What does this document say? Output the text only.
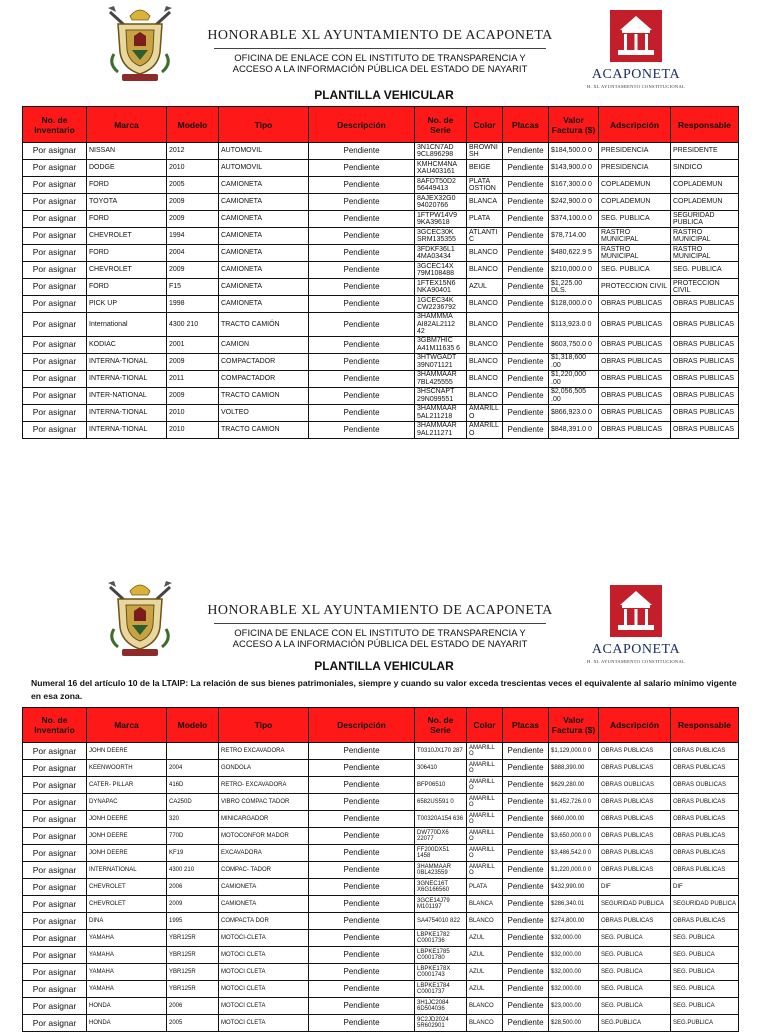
HONORABLE XL AYUNTAMIENTO DE ACAPONETA
OFICINA DE ENLACE CON EL INSTITUTO DE TRANSPARENCIA Y
ACCESO A LA INFORMACIÓN PÚBLICA DEL ESTADO DE NAYARIT	ACAPONETA
H. XL AYUNTAMIENTO CONSTITUCIONAL
PLANTILLA VEHICULAR
No. de Inventario	Marca	Modelo	Tipo	Descripción	No. de Serie	Color	Placas	Valor Factura ($)	Adscripción	Responsable
Por asignar	NISSAN	2012	AUTOMOVIL	Pendiente	3N1CN7AD 9CL896298	BROWNI SH	Pendiente	$184,500.0 0	PRESIDENCIA	PRESIDENTE
Por asignar	DODGE	2010	AUTOMOVIL	Pendiente	KMHCM4NA XAU403161	BEIGE	Pendiente	$143,900.0 0	PRESIDENCIA	SINDICO
Por asignar	FORD	2005	CAMIONETA	Pendiente	8AFDT50D2 56449413	PLATA OSTION	Pendiente	$167,300.0 0	COPLADEMUN	COPLADEMUN
Por asignar	TOYOTA	2009	CAMIONETA	Pendiente	8AJEX32G0 94020766	BLANCA	Pendiente	$242,900.0 0	COPLADEMUN	COPLADEMUN
Por asignar	FORD	2009	CAMIONETA	Pendiente	1FTPW14V9 9KA39618	PLATA	Pendiente	$374,100.0 0	SEG. PUBLICA	SEGURIDAD PUBLICA
Por asignar	CHEVROLET	1994	CAMIONETA	Pendiente	3GCEC30K SRM135355	ATLANTI C	Pendiente	$78,714.00	RASTRO MUNICIPAL	RASTRO MUNICIPAL
Por asignar	FORD	2004	CAMIONETA	Pendiente	3FDKF36L1 4MA03434	BLANCO	Pendiente	$480,622.9 5	RASTRO MUNICIPAL	RASTRO MUNICIPAL
Por asignar	CHEVROLET	2009	CAMIONETA	Pendiente	3GCEC14X 79M108488	BLANCO	Pendiente	$210,000.0 0	SEG. PUBLICA	SEG. PUBLICA
Por asignar	FORD	F15	CAMIONETA	Pendiente	1FTEX15N6 NKA90401	AZUL	Pendiente	$1,225.00 DLS.	PROTECCION CIVIL	PROTECCION CIVIL
Por asignar	PICK UP	1998	CAMIONETA	Pendiente	1GCEC34K CW2236792	BLANCO	Pendiente	$128,000.0 0	OBRAS PUBLICAS	OBRAS PUBLICAS
Por asignar	International	4300 210	TRACTO CAMIÓN	Pendiente	3HAMMMA AI82AL2112 42	BLANCO	Pendiente	$113,923.0 0	OBRAS PUBLICAS	OBRAS PUBLICAS
Por asignar	KODIAC	2001	CAMION	Pendiente	3GBM7HIC A41M11635 6	BLANCO	Pendiente	$603,750.0 0	OBRAS PUBLICAS	OBRAS PUBLICAS
Por asignar	INTERNA-TIONAL	2009	COMPACTADOR	Pendiente	3HTWGADT 39N071121	BLANCO	Pendiente	$1,318,600 .00	OBRAS PUBLICAS	OBRAS PUBLICAS
Por asignar	INTERNA-TIONAL	2011	COMPACTADOR	Pendiente	3HAMMAAR 7BL425555	BLANCO	Pendiente	$1,220,000 .00	OBRAS PUBLICAS	OBRAS PUBLICAS
Por asignar	INTER-NATIONAL	2009	TRACTO CAMION	Pendiente	3HSCNAPT 29N099551	BLANCO	Pendiente	$2,056,505 .00	OBRAS PUBLICAS	OBRAS PUBLICAS
Por asignar	INTERNA-TIONAL	2010	VOLTEO	Pendiente	3HAMMAAR 5AL211218	AMARILL O	Pendiente	$866,923.0 0	OBRAS PUBLICAS	OBRAS PUBLICAS
Por asignar	INTERNA-TIONAL	2010	TRACTO CAMION	Pendiente	3HAMMAAR 9AL211271	AMARILL O	Pendiente	$848,391.0 0	OBRAS PUBLICAS	OBRAS PUBLICAS
HONORABLE XL AYUNTAMIENTO DE ACAPONETA
OFICINA DE ENLACE CON EL INSTITUTO DE TRANSPARENCIA Y
ACCESO A LA INFORMACIÓN PÚBLICA DEL ESTADO DE NAYARIT	ACAPONETA
H. XL AYUNTAMIENTO CONSTITUCIONAL
PLANTILLA VEHICULAR
Numeral 16 del artículo 10 de la LTAIP: La relación de sus bienes patrimoniales, siempre y cuando su valor exceda trescientas veces el equivalente al salario mínimo vigente en esa zona.
No. de Inventario	Marca	Modelo	Tipo	Descripción	No. de Serie	Color	Placas	Valor Factura ($)	Adscripción	Responsable
Por asignar	JOHN DEERE		RETRO EXCAVADORA	Pendiente	T0310JX170 287	AMARILL O	Pendiente	$1,129,000.0 0	OBRAS PUBLICAS	OBRAS PUBLICAS
Por asignar	KEENWOORTH	2004	GONDOLA	Pendiente	306410	AMARILL O	Pendiente	$888,390.00	OBRAS PUBLICAS	OBRAS PUBLICAS
Por asignar	CATER- PILLAR	416D	RETRO- EXCAVADORA	Pendiente	BFP06510	AMARILL O	Pendiente	$629,280.00	OBRAS OUBLICAS	OBRAS OUBLICAS
Por asignar	DYNAPAC	CA250D	VIBRO COMPAC TADOR	Pendiente	6582US591 0	AMARILL O	Pendiente	$1,452,726.0 0	OBRAS PUBLICAS	OBRAS PUBLICAS
Por asignar	JONH DEERE	320	MINICARGADOR	Pendiente	T00320A154 636	AMARILL O	Pendiente	$660,000.00	OBRAS PUBLICAS	OBRAS PUBLICAS
Por asignar	JONH DEERE	770D	MOTOCONFOR MADOR	Pendiente	DW770DX6 22077	AMARILL O	Pendiente	$3,650,000.0 0	OBRAS PUBLICAS	OBRAS PUBLICAS
Por asignar	JONH DEERE	KF19	EXCAVADORA	Pendiente	FF200DX51 1458	AMARILL O	Pendiente	$3,486,542.0 0	OBRAS PUBLICAS	OBRAS PUBLICAS
Por asignar	INTERNATIONAL	4300 210	COMPAC- TADOR	Pendiente	3HAMMAAR 0BL423559	AMARILL O	Pendiente	$1,220,000.0 0	OBRAS PUBLICAS	OBRAS PUBLICAS
Por asignar	CHEVROLET	2006	CAMIONETA	Pendiente	3GNEC16T X6G166560	PLATA	Pendiente	$432,990.00	DIF	DIF
Por asignar	CHEVROLET	2009	CAMIONETA	Pendiente	3GCE14J79 M101197	BLANCA	Pendiente	$286,340.01	SEGURIDAD PUBLICA	SEGURIDAD PUBLICA
Por asignar	DINA	1995	COMPACTA DOR	Pendiente	SA4754010 822	BLANCO	Pendiente	$274,800.00	OBRAS PUBLICAS	OBRAS PUBLICAS
Por asignar	YAMAHA	YBR125R	MOTOCI-CLETA	Pendiente	LBPKE1782 C0001736	AZUL	Pendiente	$32,000.00	SEG. PUBLICA	SEG. PUBLICA
Por asignar	YAMAHA	YBR125R	MOTOCI CLETA	Pendiente	LBPKE1785 C0001780	AZUL	Pendiente	$32,000.00	SEG. PUBLICA	SEG. PUBLICA
Por asignar	YAMAHA	YBR125R	MOTOCI CLETA	Pendiente	LBPKE178X C0001743	AZUL	Pendiente	$32,000.00	SEG. PUBLICA	SEG. PUBLICA
Por asignar	YAMAHA	YBR125R	MOTOCI CLETA	Pendiente	LBPKE1784 C0001737	AZUL	Pendiente	$32,000.00	SEG. PUBLICA	SEG. PUBLICA
Por asignar	HONDA	2006	MOTOCI CLETA	Pendiente	3H1JC2084 6D504036	BLANCO	Pendiente	$23,000.00	SEG. PUBLICA	SEG. PUBLICA
Por asignar	HONDA	2005	MOTOCI CLETA	Pendiente	9C2JD2024 5R602901	BLANCO	Pendiente	$28,500.00	SEG.PUBLICA	SEG.PUBLICA
